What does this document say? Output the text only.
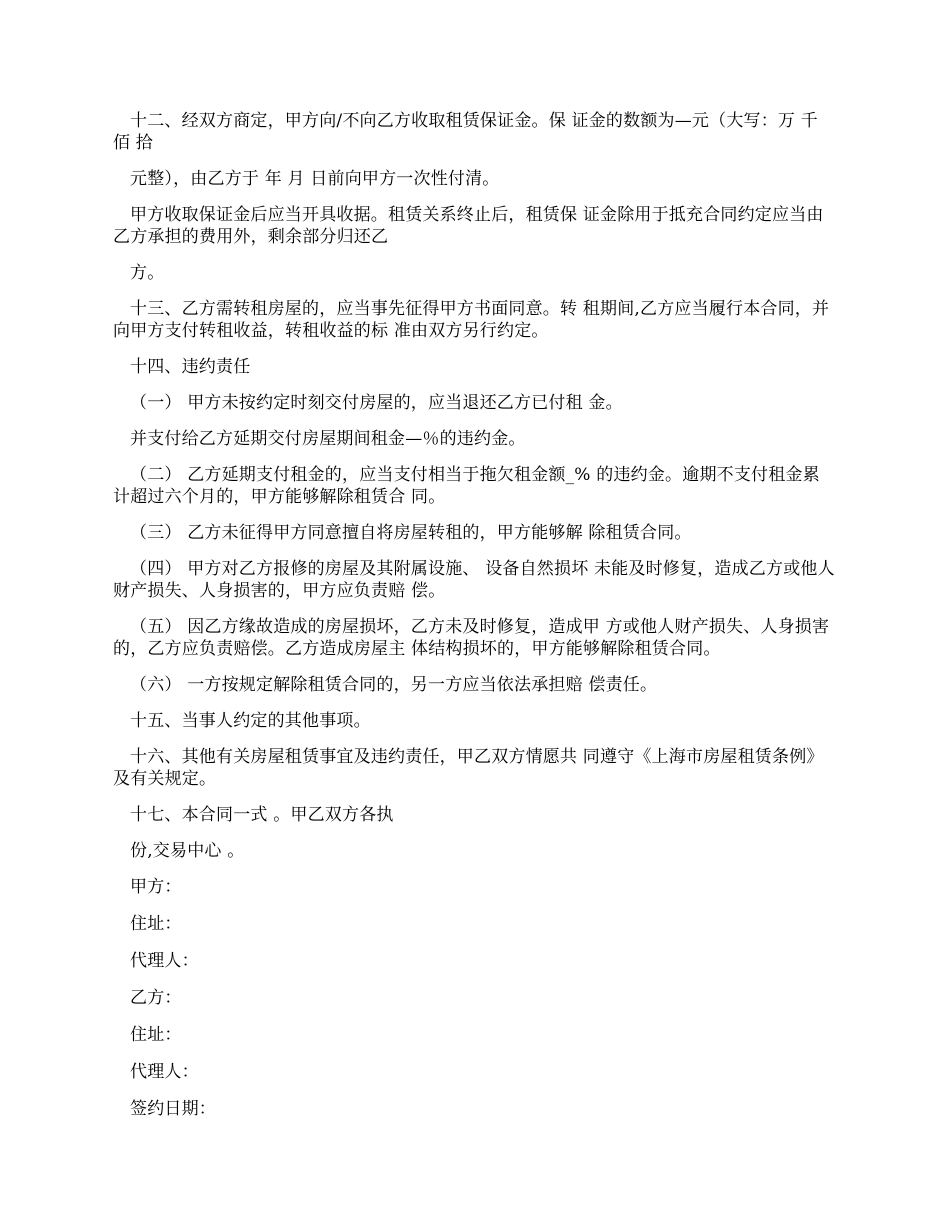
十二、经双方商定，甲方向/不向乙方收取租赁保证金。保 证金的数额为—元（大写：万 千 佰 拾

元整），由乙方于 年 月 日前向甲方一次性付清。

甲方收取保证金后应当开具收据。租赁关系终止后，租赁保 证金除用于抵充合同约定应当由乙方承担的费用外，剩余部分归还乙

方。

十三、乙方需转租房屋的，应当事先征得甲方书面同意。转 租期间,乙方应当履行本合同，并向甲方支付转租收益，转租收益的标 准由双方另行约定。

十四、违约责任

（一） 甲方未按约定时刻交付房屋的，应当退还乙方已付租 金。

并支付给乙方延期交付房屋期间租金—％的违约金。

（二） 乙方延期支付租金的，应当支付相当于拖欠租金额_% 的违约金。逾期不支付租金累计超过六个月的，甲方能够解除租赁合 同。

（三） 乙方未征得甲方同意擅自将房屋转租的，甲方能够解 除租赁合同。

（四） 甲方对乙方报修的房屋及其附属设施、 设备自然损坏 未能及时修复，造成乙方或他人财产损失、人身损害的，甲方应负责赔 偿。

（五） 因乙方缘故造成的房屋损坏，乙方未及时修复，造成甲 方或他人财产损失、人身损害的，乙方应负责赔偿。乙方造成房屋主 体结构损坏的，甲方能够解除租赁合同。

（六） 一方按规定解除租赁合同的，另一方应当依法承担赔 偿责任。

十五、当事人约定的其他事项。

十六、其他有关房屋租赁事宜及违约责任，甲乙双方情愿共 同遵守《上海市房屋租赁条例》及有关规定。

十七、本合同一式 。甲乙双方各执

份,交易中心 。

甲方：

住址：

代理人：

乙方：

住址：

代理人：

签约日期：
